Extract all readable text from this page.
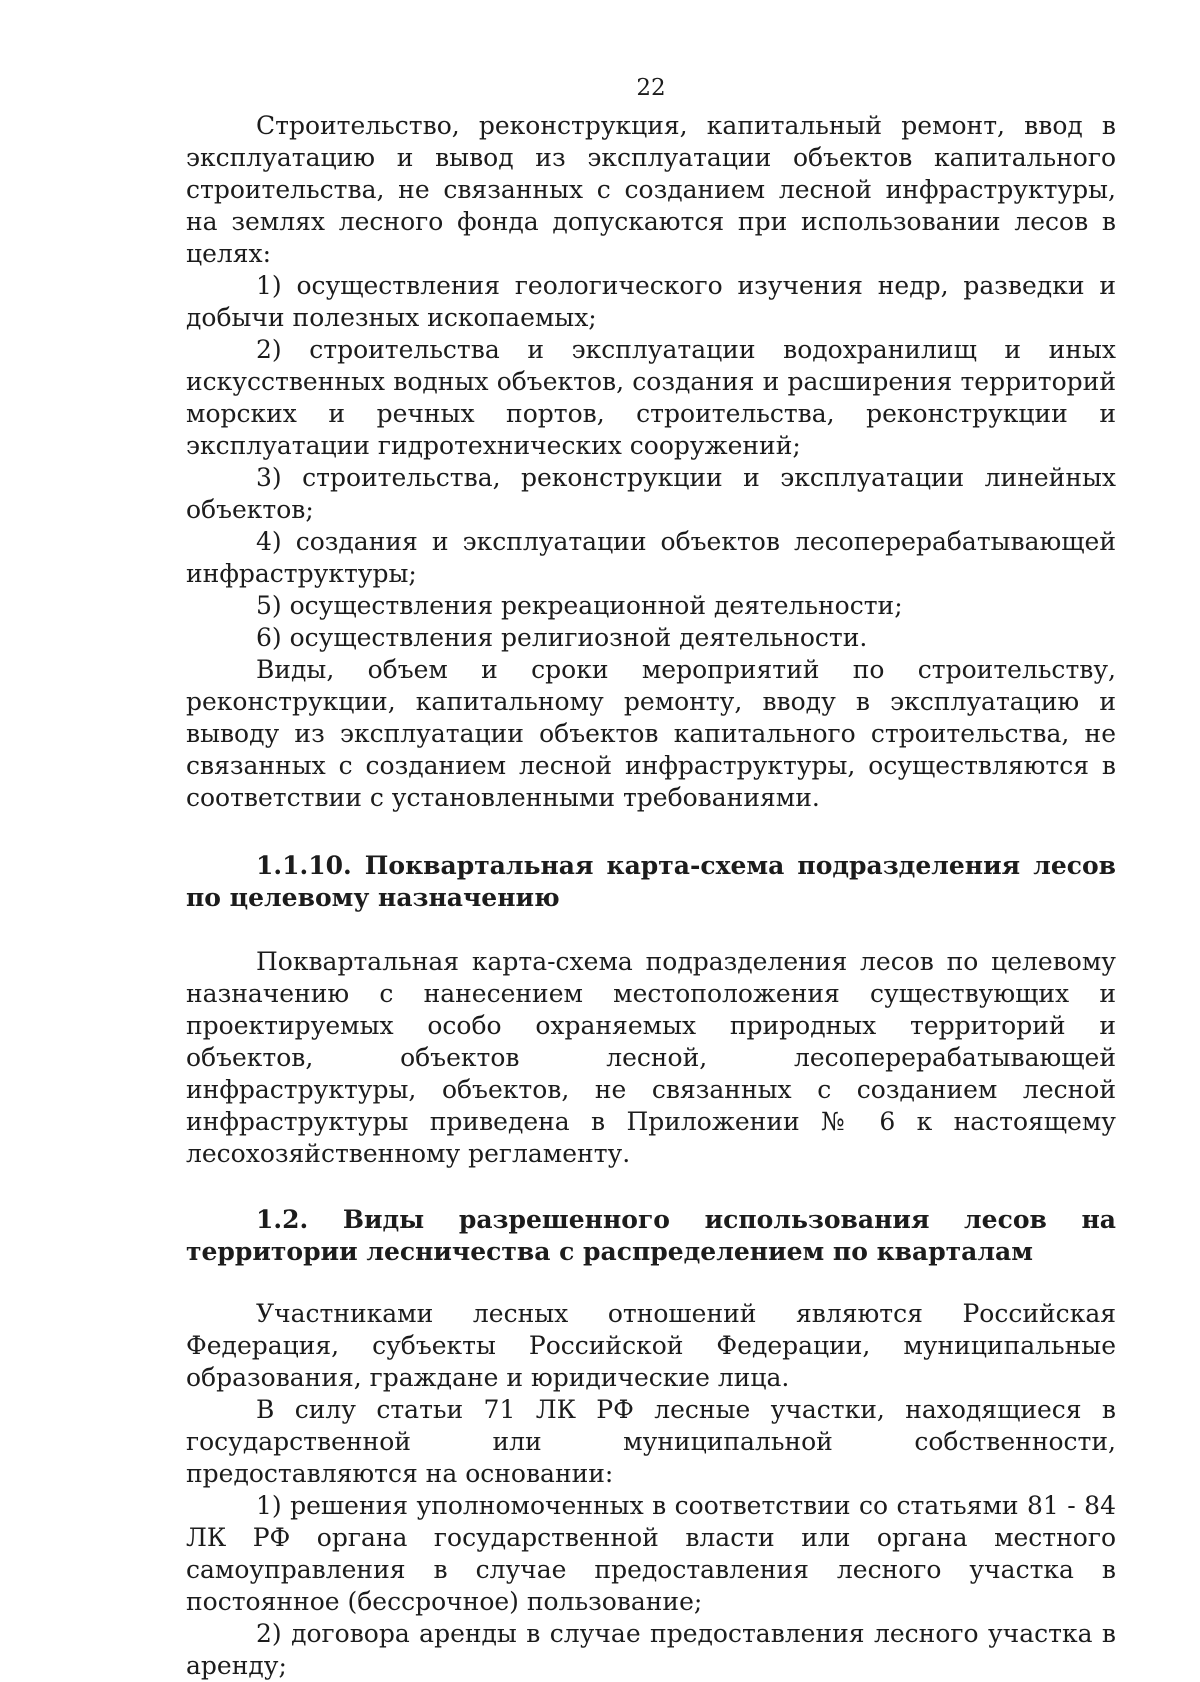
22

Строительство, реконструкция, капитальный ремонт, ввод в эксплуатацию и вывод из эксплуатации объектов капитального строительства, не связанных с созданием лесной инфраструктуры, на землях лесного фонда допускаются при использовании лесов в целях:

1) осуществления геологического изучения недр, разведки и добычи полезных ископаемых;

2) строительства и эксплуатации водохранилищ и иных искусственных водных объектов, создания и расширения территорий морских и речных портов, строительства, реконструкции и эксплуатации гидротехнических сооружений;

3) строительства, реконструкции и эксплуатации линейных объектов;

4) создания и эксплуатации объектов лесоперерабатывающей инфраструктуры;

5) осуществления рекреационной деятельности;

6) осуществления религиозной деятельности.

Виды, объем и сроки мероприятий по строительству, реконструкции, капитальному ремонту, вводу в эксплуатацию и выводу из эксплуатации объектов капитального строительства, не связанных с созданием лесной инфраструктуры, осуществляются в соответствии с установленными требованиями.

1.1.10. Поквартальная карта-схема подразделения лесов по целевому назначению

Поквартальная карта-схема подразделения лесов по целевому назначению с нанесением местоположения существующих и проектируемых особо охраняемых природных территорий и объектов, объектов лесной, лесоперерабатывающей инфраструктуры, объектов, не связанных с созданием лесной инфраструктуры приведена в Приложении № 6 к настоящему лесохозяйственному регламенту.

1.2. Виды разрешенного использования лесов на территории лесничества с распределением по кварталам

Участниками лесных отношений являются Российская Федерация, субъекты Российской Федерации, муниципальные образования, граждане и юридические лица.

В силу статьи 71 ЛК РФ лесные участки, находящиеся в государственной или муниципальной собственности, предоставляются на основании:

1) решения уполномоченных в соответствии со статьями 81 - 84 ЛК РФ органа государственной власти или органа местного самоуправления в случае предоставления лесного участка в постоянное (бессрочное) пользование;

2) договора аренды в случае предоставления лесного участка в аренду;
